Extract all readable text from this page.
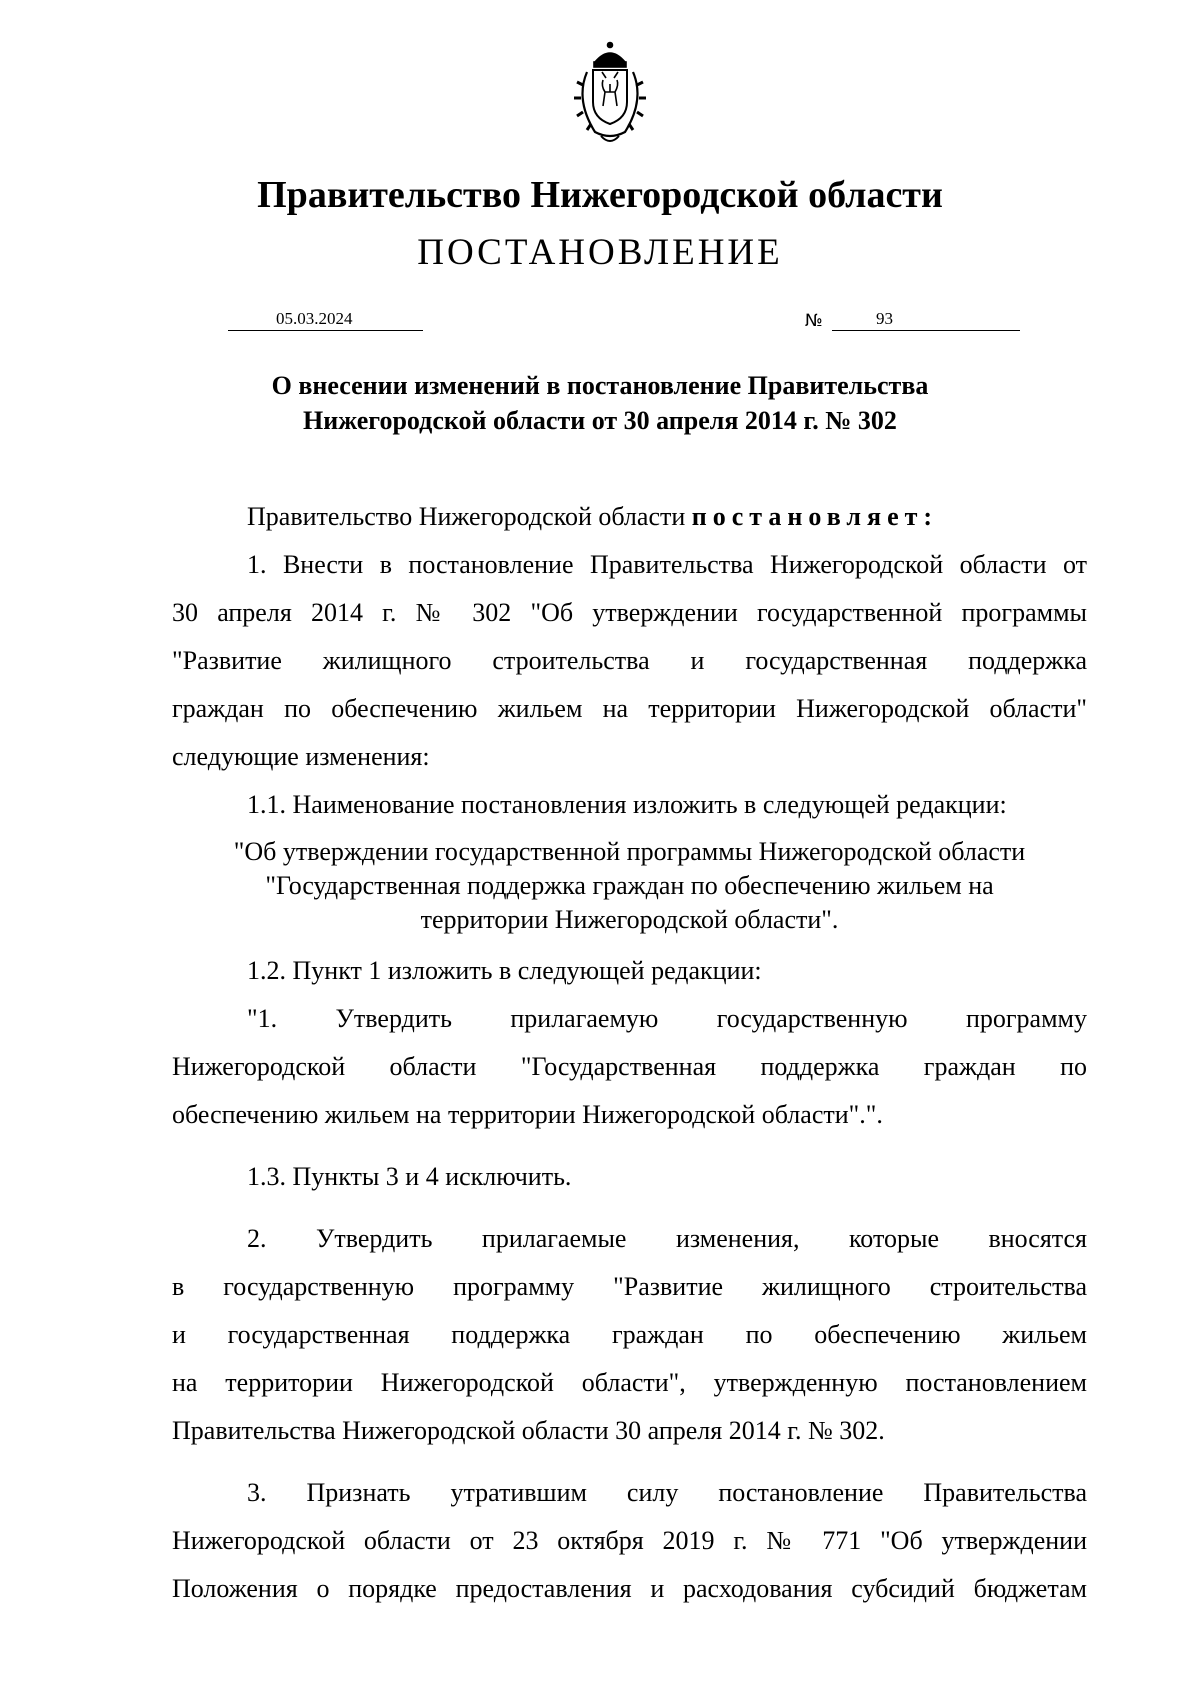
Правительство Нижегородской области
ПОСТАНОВЛЕНИЕ
05.03.2024	№	93
О внесении изменений в постановление Правительства
Нижегородской области от 30 апреля 2014 г. № 302

Правительство Нижегородской области постановляет:

1. Внести в постановление Правительства Нижегородской области от

30 апреля 2014 г. № 302 "Об утверждении государственной программы

"Развитие жилищного строительства и государственная поддержка

граждан по обеспечению жильем на территории Нижегородской области"

следующие изменения:

1.1. Наименование постановления изложить в следующей редакции:

"Об утверждении государственной программы Нижегородской области
"Государственная поддержка граждан по обеспечению жильем на
территории Нижегородской области".

1.2. Пункт 1 изложить в следующей редакции:

"1. Утвердить прилагаемую государственную программу

Нижегородской области "Государственная поддержка граждан по

обеспечению жильем на территории Нижегородской области".".

1.3. Пункты 3 и 4 исключить.

2. Утвердить прилагаемые изменения, которые вносятся

в государственную программу "Развитие жилищного строительства

и государственная поддержка граждан по обеспечению жильем

на территории Нижегородской области", утвержденную постановлением

Правительства Нижегородской области 30 апреля 2014 г. № 302.

3. Признать утратившим силу постановление Правительства

Нижегородской области от 23 октября 2019 г. № 771 "Об утверждении

Положения о порядке предоставления и расходования субсидий бюджетам
